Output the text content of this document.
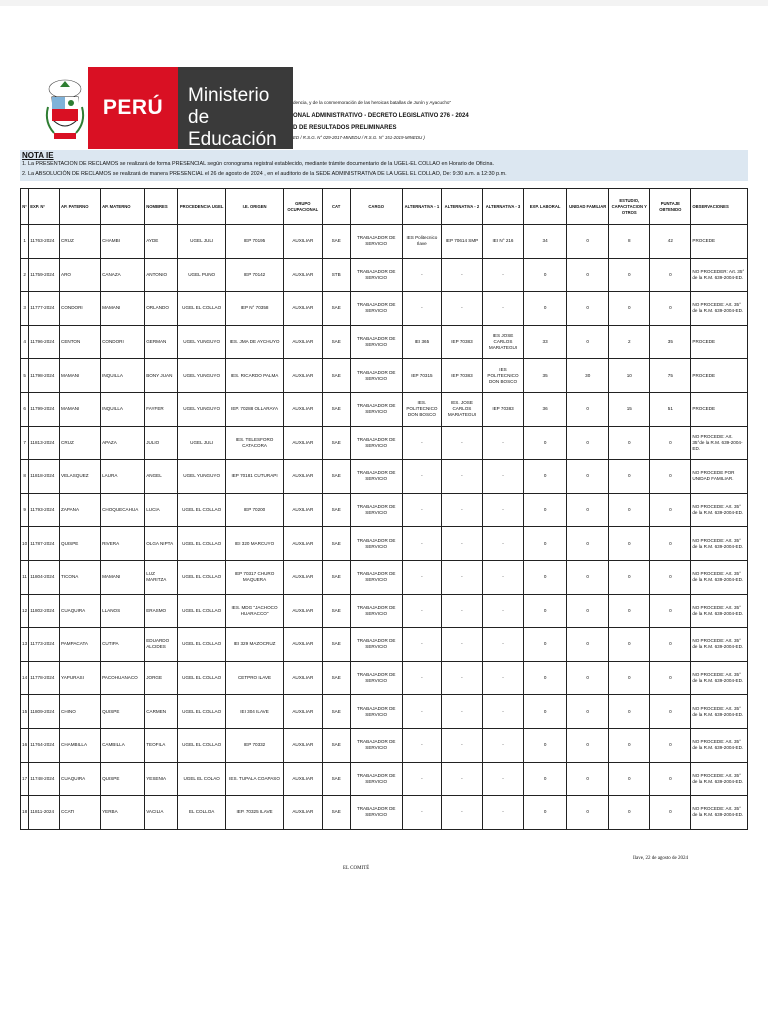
PERÚ
Ministerio
de Educación
dencia, y de la conmemoración de las heroicas batallas de Junín y Ayacucho"
ONAL ADMINISTRATIVO - DECRETO LEGISLATIVO 276 - 2024
D DE RESULTADOS PRELIMINARES
ED / R.S.G. N° 029-2017-MINEDU / R.S.G. N° 151-2019-MINEDU )
NOTA IE
1. La PRESENTACION DE RECLAMOS se realizará de forma PRESENCIAL según cronograma registral establecido, mediante trámite documentario de la UGEL-EL COLLAO en Horario de Oficina.
2. La ABSOLUCIÓN DE RECLAMOS se realizará de manera PRESENCIAL el 26 de agosto de 2024 , en el auditorio de la SEDE ADMINISTRATIVA DE LA UGEL EL COLLAO, De: 9:30 a.m. a 12:30 p.m.
N°	EXP. N°	AP. PATERNO	AP. MATERNO	NOMBRES	PROCEDENCIA UGEL	I.E. ORIGEN	GRUPO OCUPACIONAL	CAT	CARGO	ALTERNATIVA - 1	ALTERNATIVA - 2	ALTERNATIVA - 3	EXP. LABORAL	UNIDAD FAMILIAR	ESTUDIO, CAPACITACION Y OTROS	PUNTAJE OBTENIDO	OBSERVACIONES
1	11763-2024	CRUZ	CHAMBI	AYDE	UGEL JULI	IEP 70195	AUXILIAR	SAE	TRABAJADOR DE SERVICIO	IES Politecnico Ilave	IEP 70614 SMP	IEI N° 216	34	0	8	42	PROCEDE
2	11759-2024	ARO	CANAZA	ANTONIO	UGEL PUNO	IEP 70142	AUXILIAR	STB	TRABAJADOR DE SERVICIO	-	-	-	0	0	0	0	NO PROCEDER: Art. 35° de la R.M. 639-2004-ED.
3	11777-2024	CONDORI	MAMANI	ORLANDO	UGEL EL COLLAO	IEP N° 70358	AUXILIAR	SAE	TRABAJADOR DE SERVICIO	-	-	-	0	0	0	0	NO PROCEDE: Art. 35° de la R.M. 639-2004-ED.
4	11796-2024	CENTON	CONDORI	GERMAN	UGEL YUNGUYO	IES. JMA DE AYCHUYO	AUXILIAR	SAE	TRABAJADOR DE SERVICIO	IEI 365	IEP 70383	IES JOSE CARLOS MARIATEGUI	33	0	2	35	PROCEDE
5	11798-2024	MAMANI	INQUILLA	BONY JUAN	UGEL YUNGUYO	IES. RICARDO PALMA	AUXILIAR	SAE	TRABAJADOR DE SERVICIO	IEP 70315	IEP 70383	IES POLITECNICO DON BOSCO	35	30	10	75	PROCEDE
6	11799-2024	MAMANI	INQUILLA	FAYFER	UGEL YUNGUYO	IEP. 70288 OLLARAYA	AUXILIAR	SAE	TRABAJADOR DE SERVICIO	IES. POLITECNICO DON BOSCO	IES. JOSE CARLOS MARIATEGUI	IEP 70383	36	0	15	51	PROCEDE
7	11813-2024	CRUZ	APAZA	JULIO	UGEL JULI	IES. TELESFORO CATACORA	AUXILIAR	SAE	TRABAJADOR DE SERVICIO	-	-	-	0	0	0	0	NO PROCEDE: Art. 35°de la R.M. 639-2004-ED.
8	11818-2024	VELASQUEZ	LAURA	ANGEL	UGEL YUNGUYO	IEP 70181 CUTURAPI	AUXILIAR	SAE	TRABAJADOR DE SERVICIO	-	-	-	0	0	0	0	NO PROCEDE POR UNIDAD FAMILIAR.
9	11793-2024	ZAPANA	CHOQUECAHUA	LUCIA	UGEL EL COLLAO	IEP 70200	AUXILIAR	SAE	TRABAJADOR DE SERVICIO	-	-	-	0	0	0	0	NO PROCEDE: Art. 35° de la R.M. 639-2004-ED.
10	11787-2024	QUISPE	RIVERA	OLGA NIPTA	UGEL EL COLLAO	IEI 320 MARCUYO	AUXILIAR	SAE	TRABAJADOR DE SERVICIO	-	-	-	0	0	0	0	NO PROCEDE: Art. 35° de la R.M. 639-2004-ED.
11	11804-2024	TICONA	MAMANI	LUZ MARITZA	UGEL EL COLLAO	IEP 70317 CHURO MAQUERA	AUXILIAR	SAE	TRABAJADOR DE SERVICIO	-	-	-	0	0	0	0	NO PROCEDE: Art. 35° de la R.M. 639-2004-ED.
12	11802-2024	CUAQUIRA	LLANOS	ERASMO	UGEL EL COLLAO	IES. MDG "JACHOCO HUARACCO"	AUXILIAR	SAE	TRABAJADOR DE SERVICIO	-	-	-	0	0	0	0	NO PROCEDE: Art. 35° de la R.M. 639-2004-ED.
13	11773-2024	PAMPACATA	CUTIPA	EDUARDO ALCIDES	UGEL EL COLLAO	IEI 329 MAZOCRUZ	AUXILIAR	SAE	TRABAJADOR DE SERVICIO	-	-	-	0	0	0	0	NO PROCEDE: Art. 35° de la R.M. 639-2004-ED.
14	11778-2024	YAPURASI	PACOHUANACO	JORGE	UGEL EL COLLAO	CETPRO ILAVE	AUXILIAR	SAE	TRABAJADOR DE SERVICIO	-	-	-	0	0	0	0	NO PROCEDE: Art. 35° de la R.M. 639-2004-ED.
15	11809-2024	CHINO	QUISPE	CARMEN	UGEL EL COLLAO	IEI 304 ILAVE	AUXILIAR	SAE	TRABAJADOR DE SERVICIO	-	-	-	0	0	0	0	NO PROCEDE: Art. 35° de la R.M. 639-2004-ED.
16	11764-2024	CHAMBILLA	CAMBILLA	TEOFILA	UGEL EL COLLAO	IEP 70332	AUXILIAR	SAE	TRABAJADOR DE SERVICIO	-	-	-	0	0	0	0	NO PROCEDE: Art. 35° de la R.M. 639-2004-ED.
17	11748-2024	CUAQUIRA	QUISPE	YESENIA	UGEL EL COLAO	IES. TUPALA COAPASO	AUXILIAR	SAE	TRABAJADOR DE SERVICIO	-	-	-	0	0	0	0	NO PROCEDE: Art. 35° de la R.M. 639-2004-ED.
18	11811-2024	CCATI	YERBA	VACILIA	EL COLLOA	IEP. 70325 ILAVE	AUXILIAR	SAE	TRABAJADOR DE SERVICIO	-	-	-	0	0	0	0	NO PROCEDE: Art. 35° de la R.M. 639-2004-ED.
Ilave, 22 de agosto de 2024
EL COMITÉ
